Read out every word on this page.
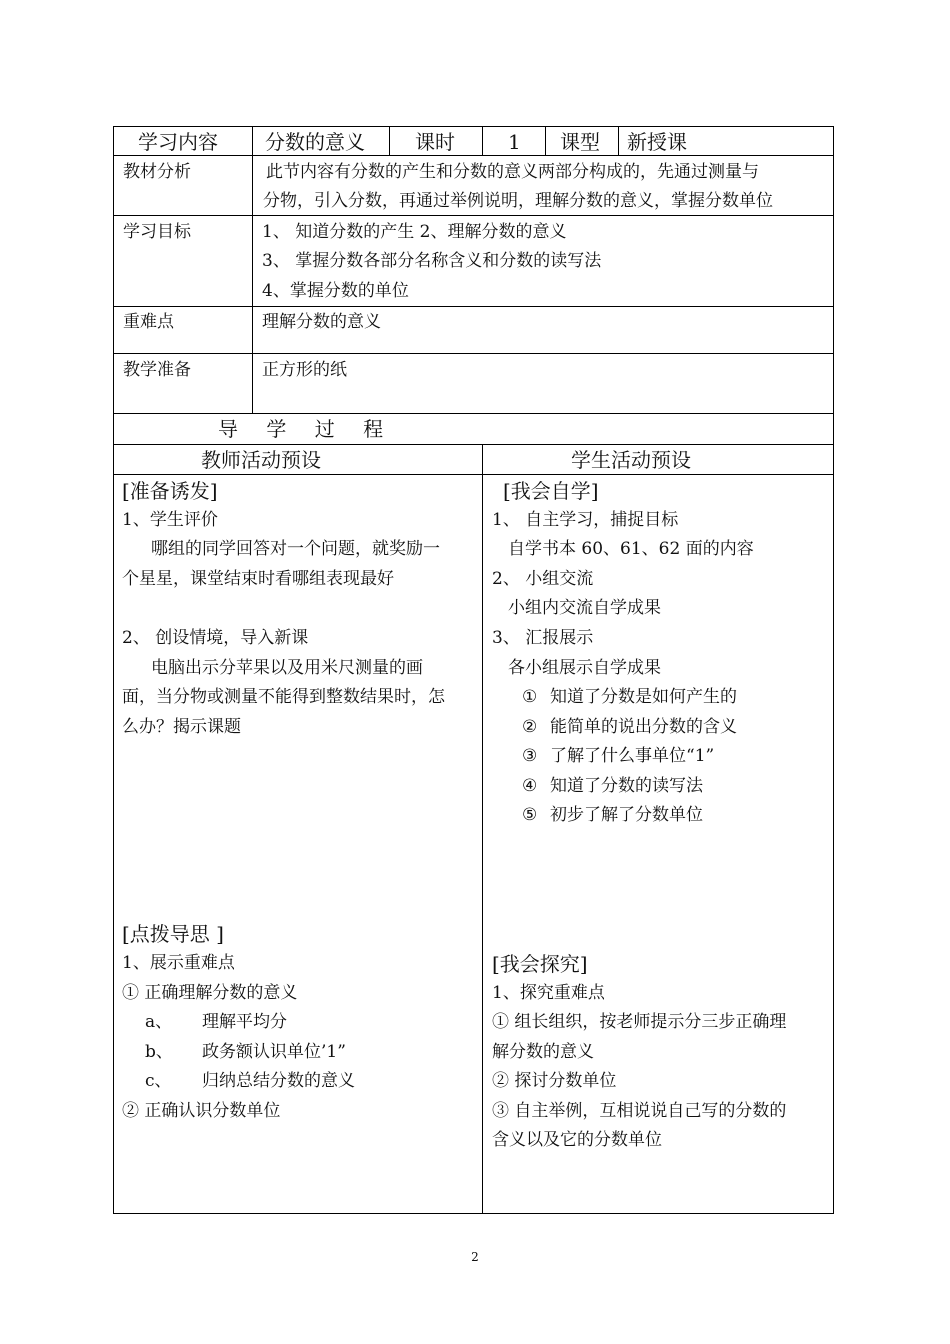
学习内容 分数的意义	课时	1 课型 新授课
教材分析	此节内容有分数的产生和分数的意义两部分构成的，先通过测量与
分物，引入分数，再通过举例说明，理解分数的意义，掌握分数单位
学习目标	1、 知道分数的产生 2、理解分数的意义
3、 掌握分数各部分名称含义和分数的读写法
4、掌握分数的单位
重难点	理解分数的意义
教学准备	正方形的纸
导 学 过 程
教师活动预设	学生活动预设
[准备诱发]
1、学生评价
哪组的同学回答对一个问题，就奖励一
个星星，课堂结束时看哪组表现最好
2、 创设情境，导入新课
电脑出示分苹果以及用米尺测量的画
面，当分物或测量不能得到整数结果时，怎
么办？揭示课题
[点拨导思 ]
1、展示重难点
① 正确理解分数的意义
a、 理解平均分
b、 政务额认识单位’1”
c、 归纳总结分数的意义
② 正确认识分数单位
[我会自学]
1、 自主学习，捕捉目标
自学书本 60、61、62 面的内容
2、 小组交流
小组内交流自学成果
3、 汇报展示
各小组展示自学成果
① 知道了分数是如何产生的
② 能简单的说出分数的含义
③ 了解了什么事单位“1”
④ 知道了分数的读写法
⑤ 初步了解了分数单位
[我会探究]
1、探究重难点
① 组长组织，按老师提示分三步正确理
解分数的意义
② 探讨分数单位
③ 自主举例，互相说说自己写的分数的
含义以及它的分数单位
2
